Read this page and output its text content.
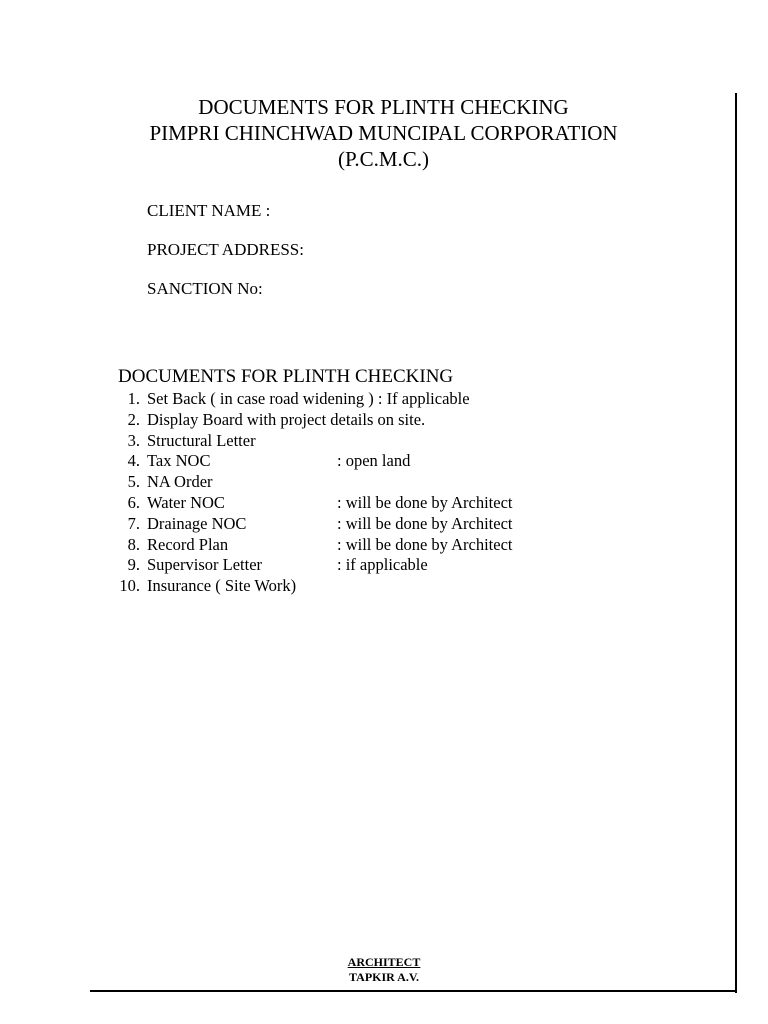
DOCUMENTS FOR PLINTH CHECKING
PIMPRI CHINCHWAD MUNCIPAL CORPORATION
(P.C.M.C.)
CLIENT NAME :
PROJECT ADDRESS:
SANCTION No:
DOCUMENTS FOR PLINTH CHECKING
1. Set Back ( in case road widening ) : If applicable
2. Display Board with project details on site.
3. Structural Letter
4. Tax NOC	: open land
5. NA Order
6. Water NOC	: will be done by Architect
7. Drainage NOC	: will be done by Architect
8. Record Plan	: will be done by Architect
9. Supervisor Letter	: if applicable
10. Insurance ( Site Work)
ARCHITECT
TAPKIR A.V.
